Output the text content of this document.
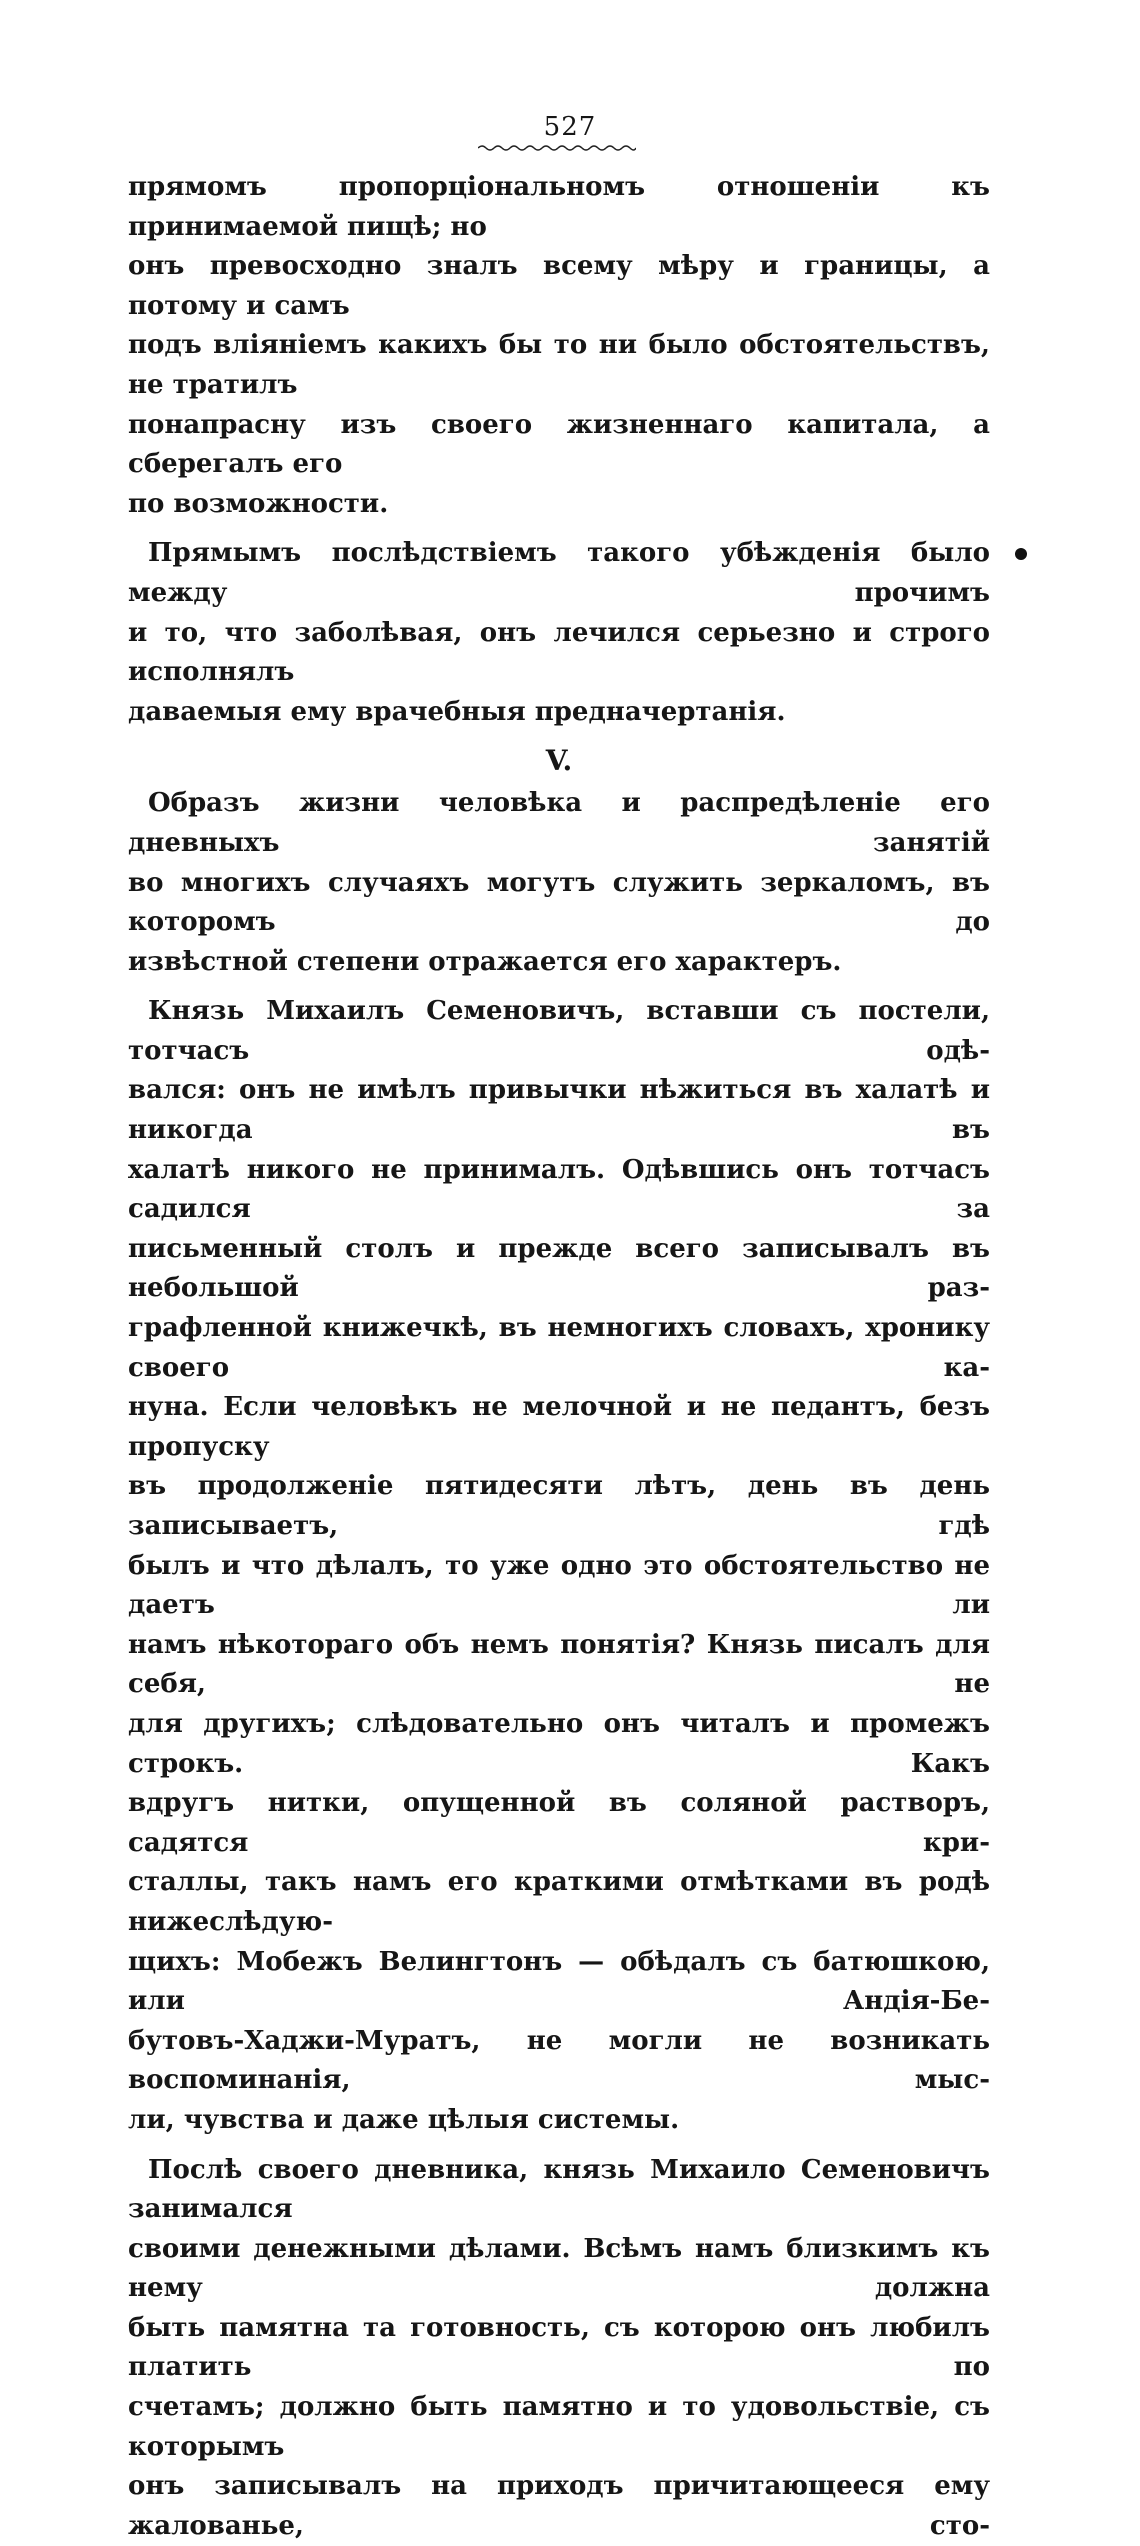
527
прямомъ пропорціональномъ отношеніи къ принимаемой пищѣ; но
онъ превосходно зналъ всему мѣру и границы, а потому и самъ
подъ вліяніемъ какихъ бы то ни было обстоятельствъ, не тратилъ
понапрасну изъ своего жизненнаго капитала, а сберегалъ его
по возможности.
Прямымъ послѣдствіемъ такого убѣжденія было между прочимъ
и то, что заболѣвая, онъ лечился серьезно и строго исполнялъ
даваемыя ему врачебныя предначертанія.
V.
Образъ жизни человѣка и распредѣленіе его дневныхъ занятій
во многихъ случаяхъ могутъ служить зеркаломъ, въ которомъ до
извѣстной степени отражается его характеръ.
Князь Михаилъ Семеновичъ, вставши съ постели, тотчасъ одѣ-
вался: онъ не имѣлъ привычки нѣжиться въ халатѣ и никогда въ
халатѣ никого не принималъ. Одѣвшись онъ тотчасъ садился за
письменный столъ и прежде всего записывалъ въ небольшой раз-
графленной книжечкѣ, въ немногихъ словахъ, хронику своего ка-
нуна. Если человѣкъ не мелочной и не педантъ, безъ пропуску
въ продолженіе пятидесяти лѣтъ, день въ день записываетъ, гдѣ
былъ и что дѣлалъ, то уже одно это обстоятельство не даетъ ли
намъ нѣкотораго объ немъ понятія? Князь писалъ для себя, не
для другихъ; слѣдовательно онъ читалъ и промежъ строкъ. Какъ
вдругъ нитки, опущенной въ соляной растворъ, садятся кри-
сталлы, такъ намъ его краткими отмѣтками въ родѣ нижеслѣдую-
щихъ: Мобежъ Велингтонъ — обѣдалъ съ батюшкою, или Андія-Бе-
бутовъ-Хаджи-Муратъ, не могли не возникать воспоминанія, мыс-
ли, чувства и даже цѣлыя системы.
Послѣ своего дневника, князь Михаило Семеновичъ занимался
своими денежными дѣлами. Всѣмъ намъ близкимъ къ нему должна
быть памятна та готовность, съ которою онъ любилъ платить по
счетамъ; должно быть памятно и то удовольствіе, съ которымъ
онъ записывалъ на приходъ причитающееся ему жалованье, сто-
